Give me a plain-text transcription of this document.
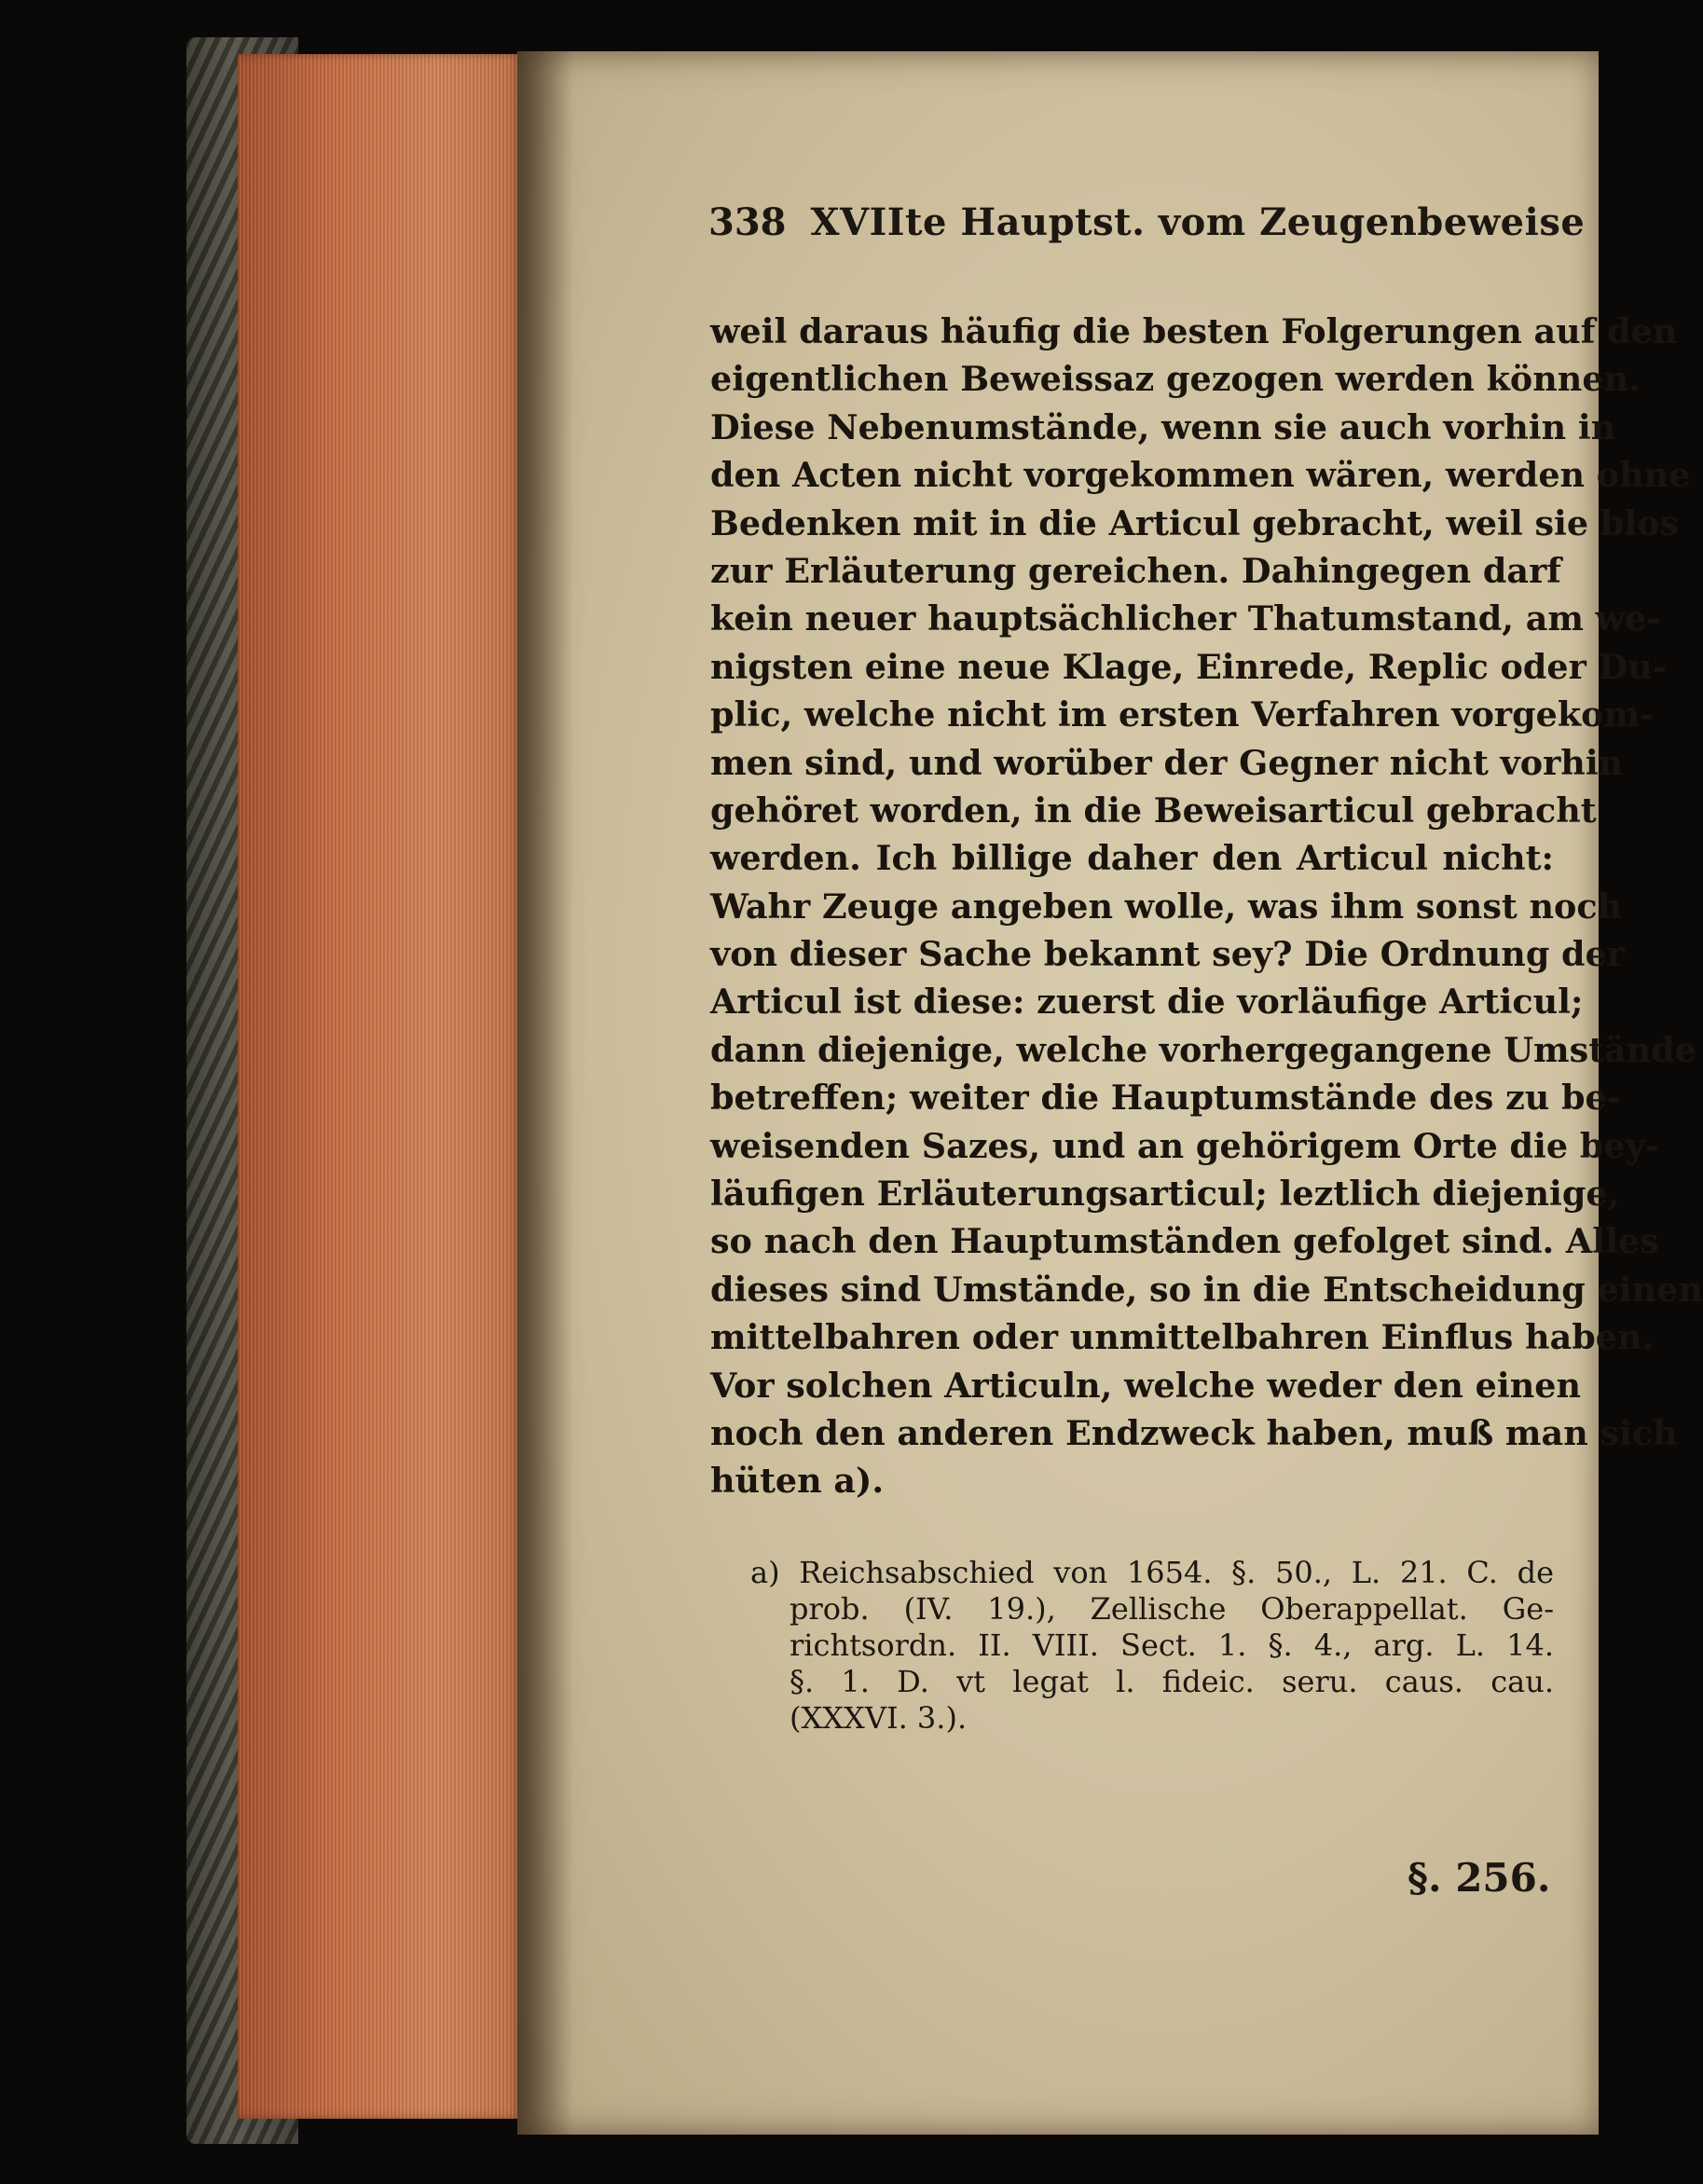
338 XVIIte Hauptst. vom Zeugenbeweise
weil daraus häufig die besten Folgerungen auf den
eigentlichen Beweissaz gezogen werden können.
Diese Nebenumstände, wenn sie auch vorhin in
den Acten nicht vorgekommen wären, werden ohne
Bedenken mit in die Articul gebracht, weil sie blos
zur Erläuterung gereichen. Dahingegen darf
kein neuer hauptsächlicher Thatumstand, am we-
nigsten eine neue Klage, Einrede, Replic oder Du-
plic, welche nicht im ersten Verfahren vorgekom-
men sind, und worüber der Gegner nicht vorhin
gehöret worden, in die Beweisarticul gebracht
werden. Ich billige daher den Articul nicht:
Wahr Zeuge angeben wolle, was ihm sonst noch
von dieser Sache bekannt sey? Die Ordnung der
Articul ist diese: zuerst die vorläufige Articul;
dann diejenige, welche vorhergegangene Umstände
betreffen; weiter die Hauptumstände des zu be-
weisenden Sazes, und an gehörigem Orte die bey-
läufigen Erläuterungsarticul; leztlich diejenige,
so nach den Hauptumständen gefolget sind. Alles
dieses sind Umstände, so in die Entscheidung einen
mittelbahren oder unmittelbahren Einflus haben.
Vor solchen Articuln, welche weder den einen
noch den anderen Endzweck haben, muß man sich
hüten a).
a) Reichsabschied von 1654. §. 50., L. 21. C. de
prob. (IV. 19.), Zellische Oberappellat. Ge-
richtsordn. II. VIII. Sect. 1. §. 4., arg. L. 14.
§. 1. D. vt legat l. fideic. seru. caus. cau.
(XXXVI. 3.).
§. 256.
